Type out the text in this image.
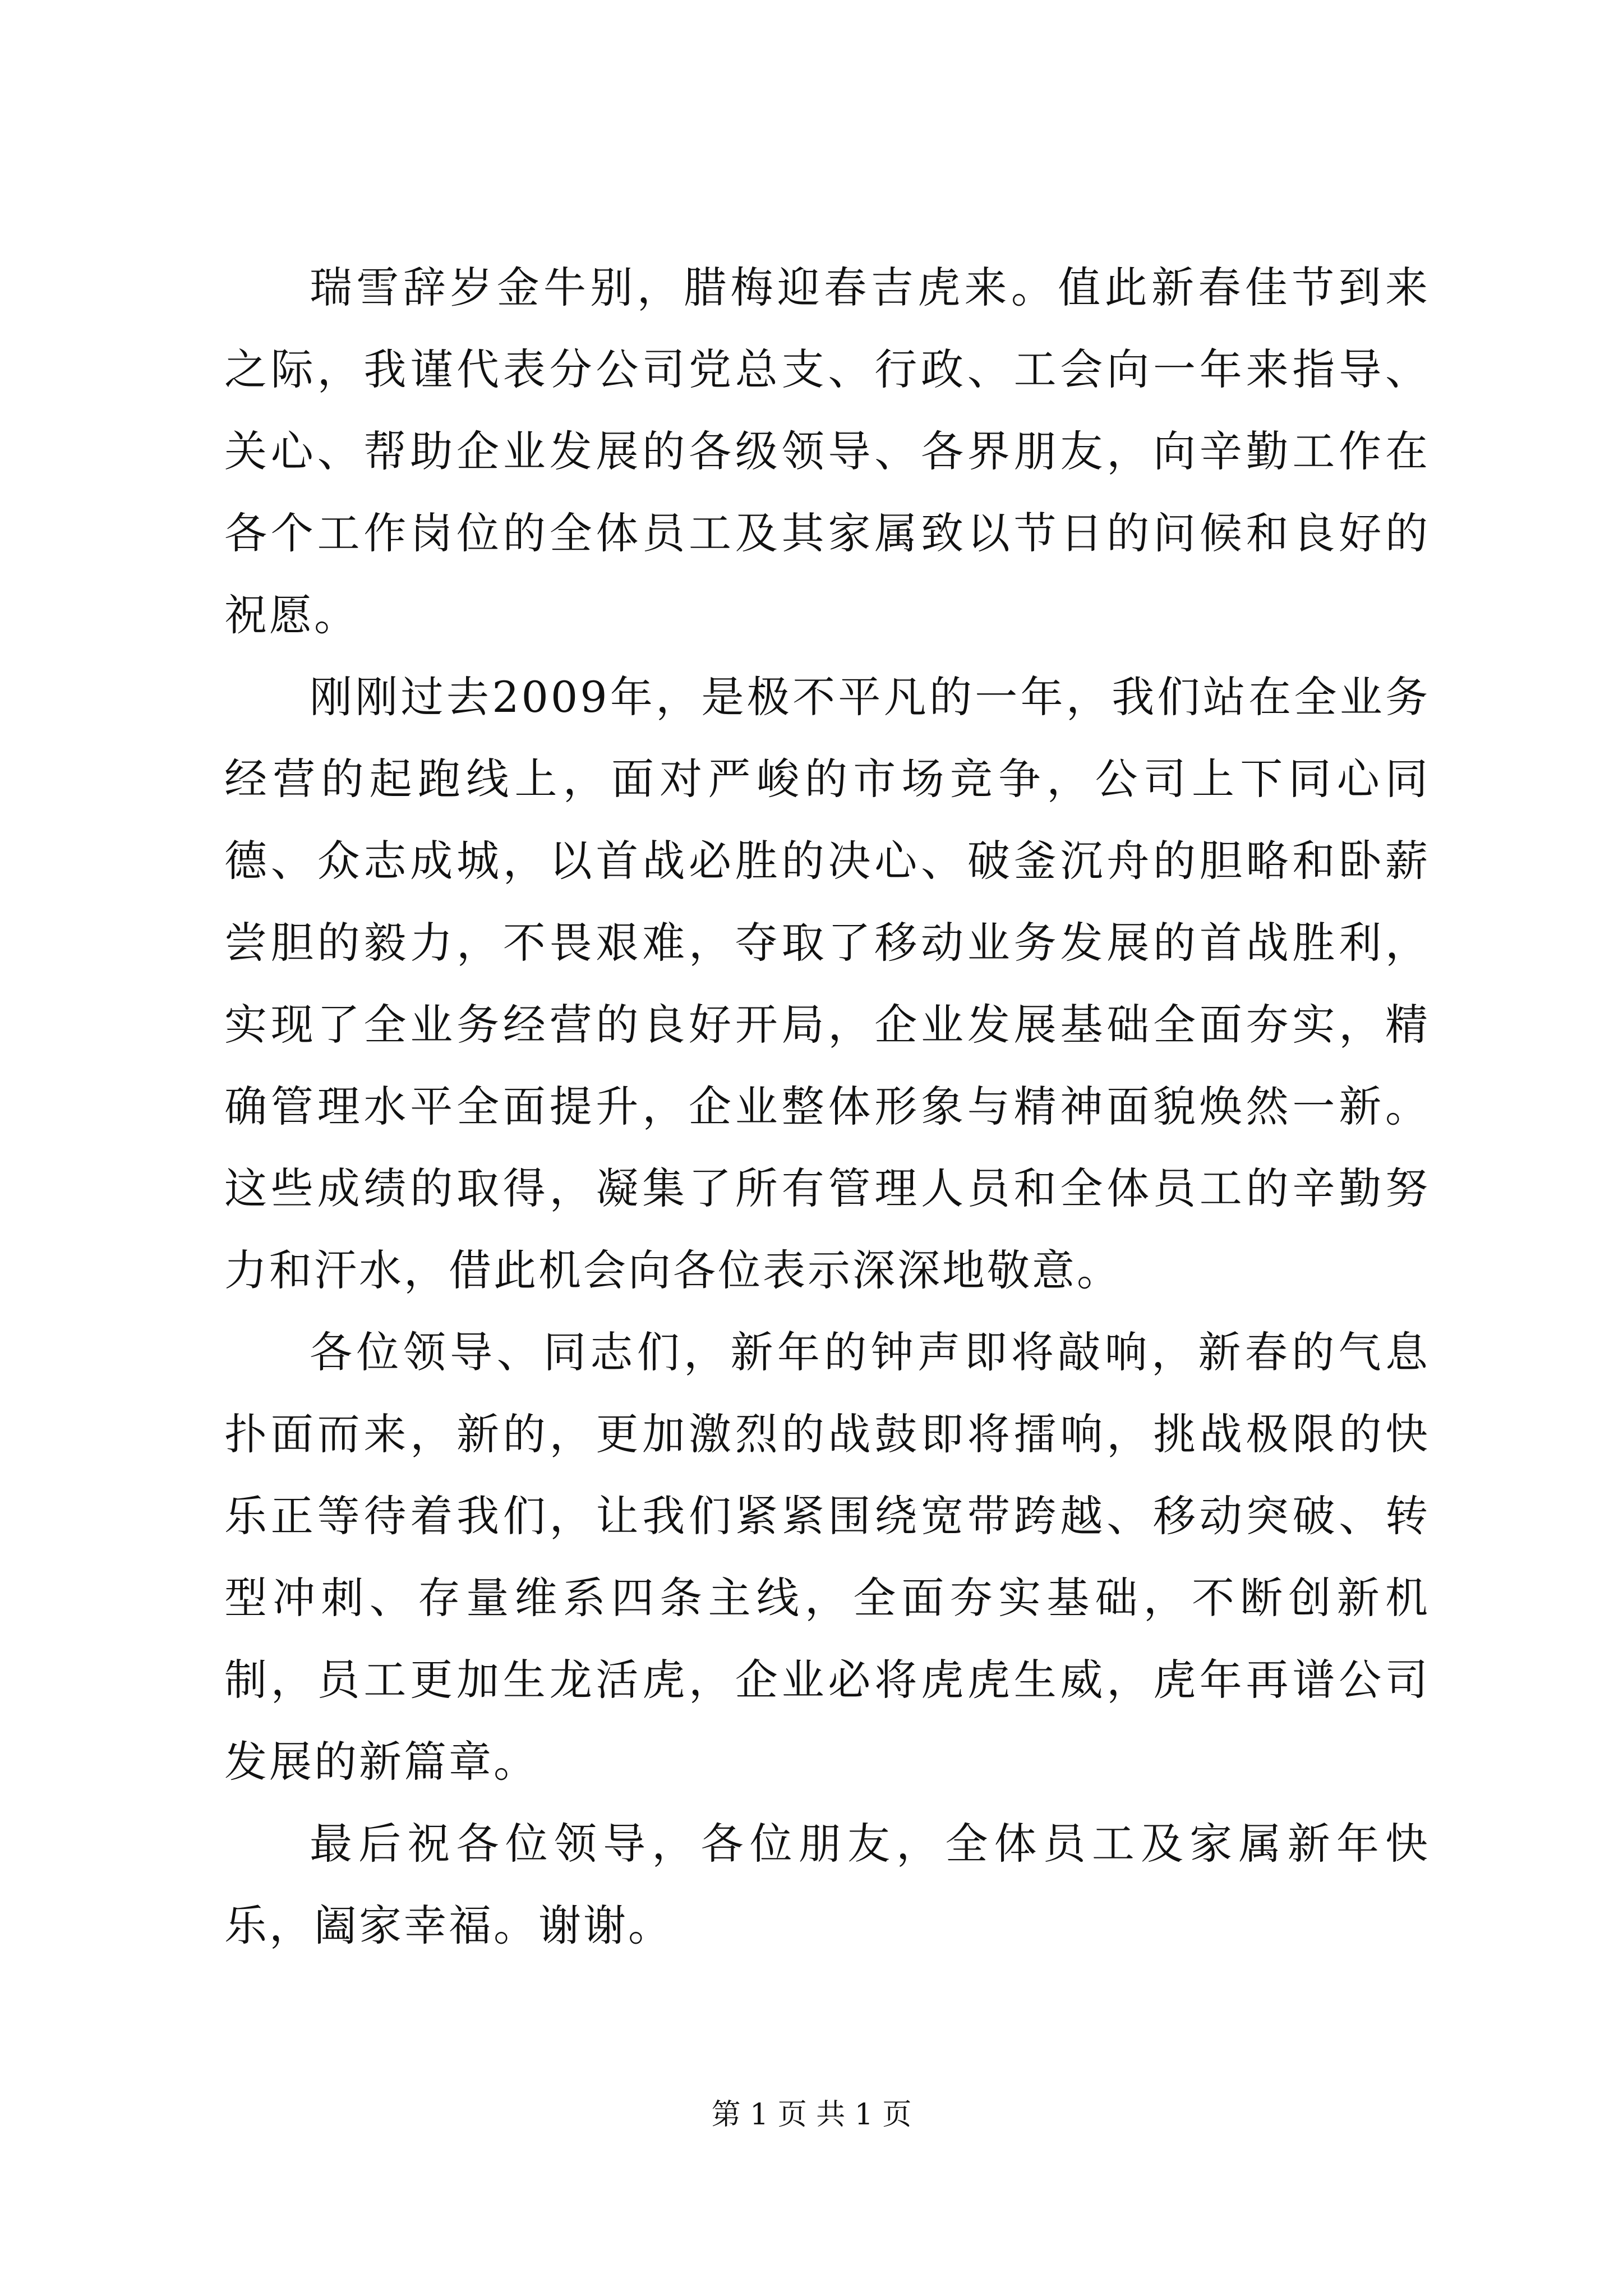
瑞雪辞岁金牛别，腊梅迎春吉虎来。值此新春佳节到来之际，我谨代表分公司党总支、行政、工会向一年来指导、关心、帮助企业发展的各级领导、各界朋友，向辛勤工作在各个工作岗位的全体员工及其家属致以节日的问候和良好的祝愿。

刚刚过去2009年，是极不平凡的一年，我们站在全业务经营的起跑线上，面对严峻的市场竞争，公司上下同心同德、众志成城，以首战必胜的决心、破釜沉舟的胆略和卧薪尝胆的毅力，不畏艰难，夺取了移动业务发展的首战胜利，实现了全业务经营的良好开局，企业发展基础全面夯实，精确管理水平全面提升，企业整体形象与精神面貌焕然一新。这些成绩的取得，凝集了所有管理人员和全体员工的辛勤努力和汗水，借此机会向各位表示深深地敬意。

各位领导、同志们，新年的钟声即将敲响，新春的气息扑面而来，新的，更加激烈的战鼓即将擂响，挑战极限的快乐正等待着我们，让我们紧紧围绕宽带跨越、移动突破、转型冲刺、存量维系四条主线，全面夯实基础，不断创新机制，员工更加生龙活虎，企业必将虎虎生威，虎年再谱公司发展的新篇章。

最后祝各位领导，各位朋友，全体员工及家属新年快乐，阖家幸福。谢谢。

第 1 页 共 1 页
